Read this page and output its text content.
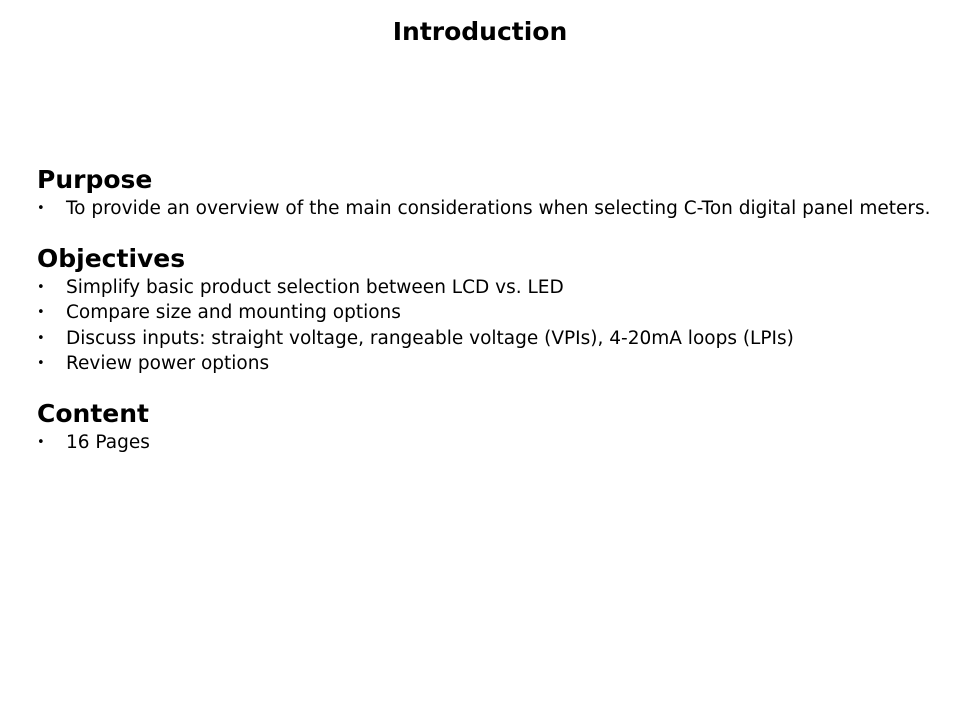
Introduction
Purpose
• To provide an overview of the main considerations when selecting C-Ton digital panel meters.
Objectives
• Simplify basic product selection between LCD vs. LED
• Compare size and mounting options
• Discuss inputs: straight voltage, rangeable voltage (VPIs), 4-20mA loops (LPIs)
• Review power options
Content
• 16 Pages
